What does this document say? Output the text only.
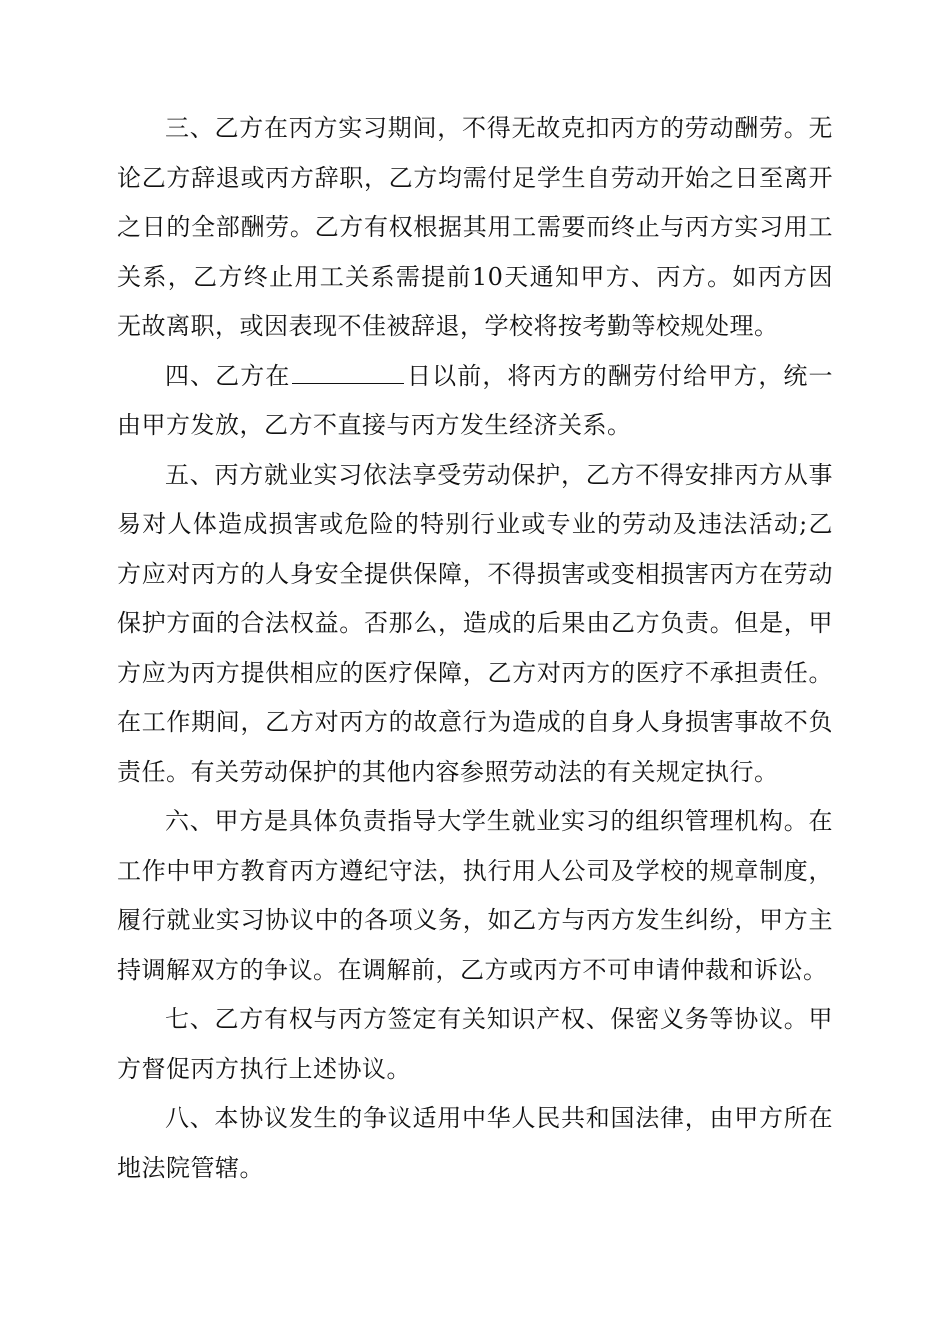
三、乙方在丙方实习期间，不得无故克扣丙方的劳动酬劳。无论乙方辞退或丙方辞职，乙方均需付足学生自劳动开始之日至离开之日的全部酬劳。乙方有权根据其用工需要而终止与丙方实习用工关系，乙方终止用工关系需提前10天通知甲方、丙方。如丙方因无故离职，或因表现不佳被辞退，学校将按考勤等校规处理。

四、乙方在	日以前，将丙方的酬劳付给甲方，统一由甲方发放，乙方不直接与丙方发生经济关系。

五、丙方就业实习依法享受劳动保护，乙方不得安排丙方从事易对人体造成损害或危险的特别行业或专业的劳动及违法活动;乙方应对丙方的人身安全提供保障，不得损害或变相损害丙方在劳动保护方面的合法权益。否那么，造成的后果由乙方负责。但是，甲方应为丙方提供相应的医疗保障，乙方对丙方的医疗不承担责任。在工作期间，乙方对丙方的故意行为造成的自身人身损害事故不负责任。有关劳动保护的其他内容参照劳动法的有关规定执行。

六、甲方是具体负责指导大学生就业实习的组织管理机构。在工作中甲方教育丙方遵纪守法，执行用人公司及学校的规章制度，履行就业实习协议中的各项义务，如乙方与丙方发生纠纷，甲方主持调解双方的争议。在调解前，乙方或丙方不可申请仲裁和诉讼。

七、乙方有权与丙方签定有关知识产权、保密义务等协议。甲方督促丙方执行上述协议。

八、本协议发生的争议适用中华人民共和国法律，由甲方所在地法院管辖。
